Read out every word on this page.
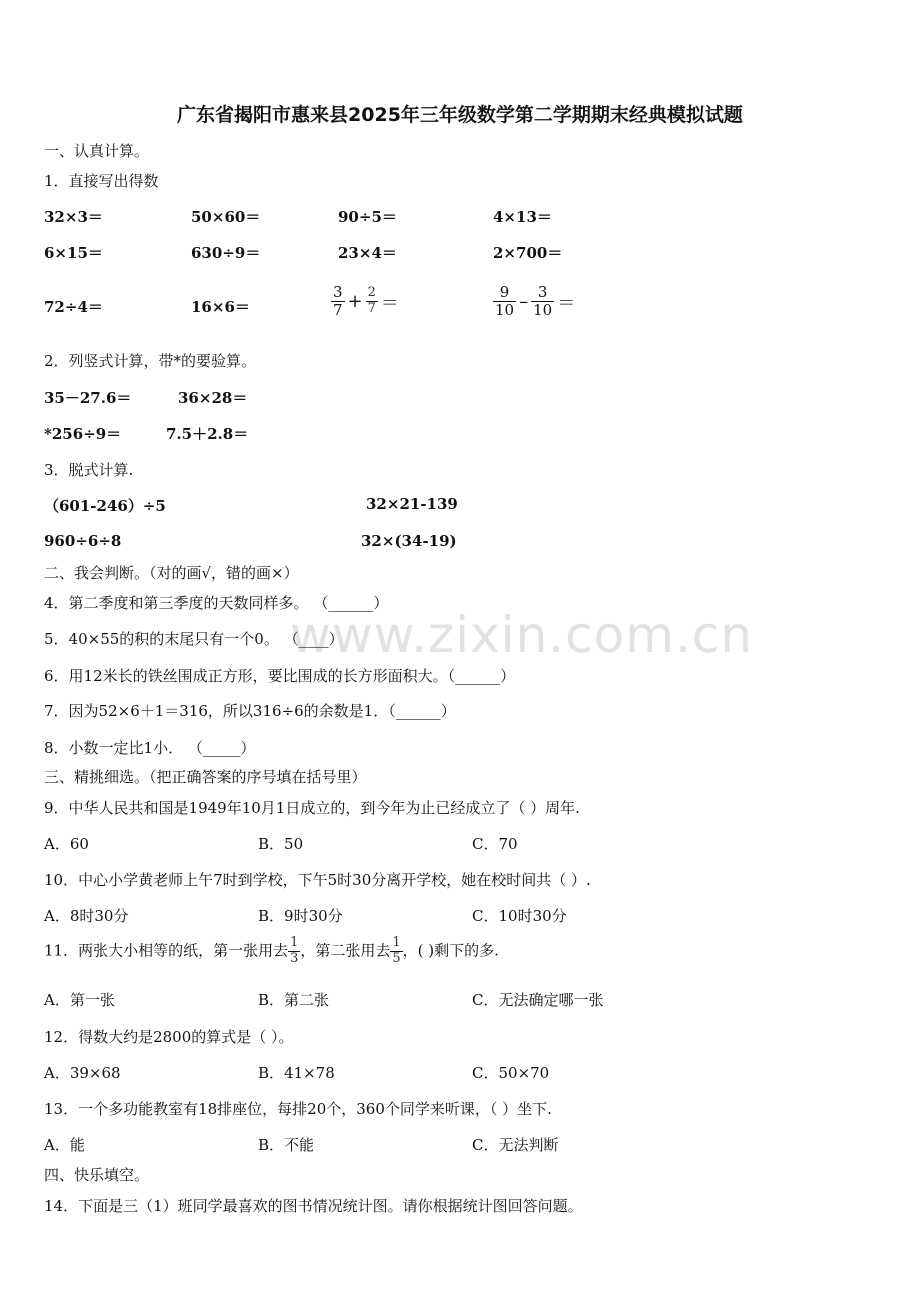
www.zixin.com.cn
广东省揭阳市惠来县2025年三年级数学第二学期期末经典模拟试题
一、认真计算。
1．直接写出得数
32×3＝	50×60＝	90÷5＝	4×13＝
6×15＝	630÷9＝	23×4＝	2×700＝
72÷4＝	16×6＝	$\frac{3}{7} + \frac{2}{7}$ ＝	$\frac{9}{10} - \frac{3}{10}$ ＝
2．列竖式计算，带*的要验算。
35－27.6＝	36×28＝
*256÷9＝	7.5＋2.8＝
3．脱式计算.
（601-246）÷5	32×21-139
960÷6÷8	32×(34-19)
二、我会判断。（对的画√，错的画×）
4．第二季度和第三季度的天数同样多。 （______）
5．40×55的积的末尾只有一个0。 （____）
6．用12米长的铁丝围成正方形，要比围成的长方形面积大。（______）
7．因为52×6＋1＝316，所以316÷6的余数是1．（______）
8．小数一定比1小． （_____）
三、精挑细选。（把正确答案的序号填在括号里）
9．中华人民共和国是1949年10月1日成立的，到今年为止已经成立了（ ）周年.
A．60	B．50	C．70
10．中心小学黄老师上午7时到学校，下午5时30分离开学校，她在校时间共（ ）.
A．8时30分	B．9时30分	C．10时30分
11．两张大小相等的纸，第一张用去 $\frac{1}{3}$ ，第二张用去 $\frac{1}{5}$ ，( )剩下的多.
A．第一张	B．第二张	C．无法确定哪一张
12．得数大约是2800的算式是（ ）。
A．39×68	B．41×78	C．50×70
13．一个多功能教室有18排座位，每排20个，360个同学来听课，（ ）坐下.
A．能	B．不能	C．无法判断
四、快乐填空。
14．下面是三（1）班同学最喜欢的图书情况统计图。请你根据统计图回答问题。
